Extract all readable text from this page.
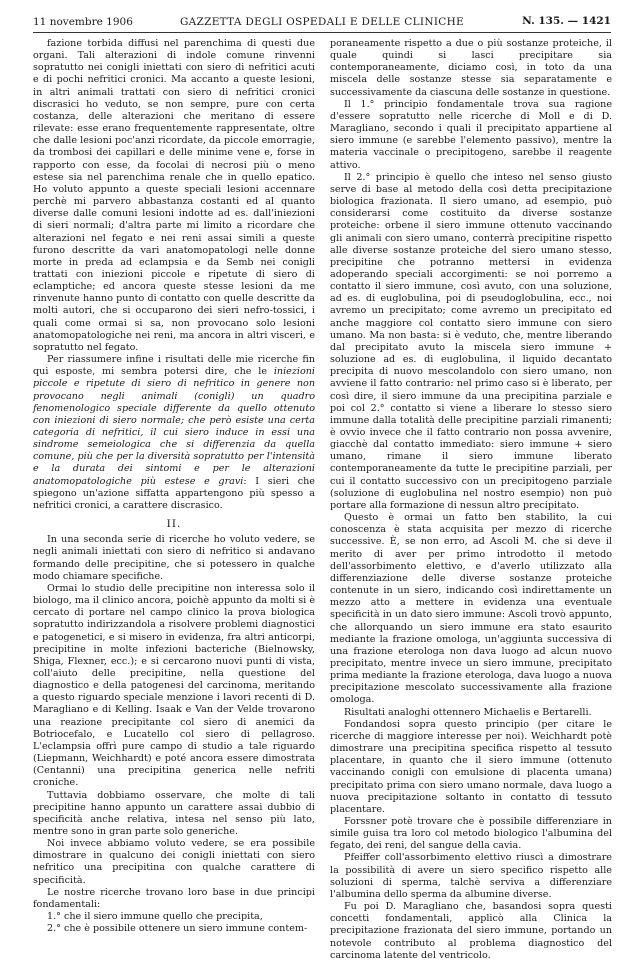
11 novembre 1906	GAZZETTA DEGLI OSPEDALI E DELLE CLINICHE	N. 135. — 1421

fazione torbida diffusi nel parenchima di questi due organi. Tali alterazioni di indole comune rinvenni sopratutto nei conigli iniettati con siero di nefritici acuti e di pochi nefritici cronici. Ma accanto a queste lesioni, in altri animali trattati con siero di nefritici cronici discrasici ho veduto, se non sempre, pure con certa costanza, delle alterazioni che meritano di essere rilevate: esse erano frequentemente rappresentate, oltre che dalle lesioni poc'anzi ricordate, da piccole emorragie, da trombosi dei capillari e delle minime vene e, forse in rapporto con esse, da focolai di necrosi più o meno estese sia nel parenchima renale che in quello epatico. Ho voluto appunto a queste speciali lesioni accennare perchè mi parvero abbastanza costanti ed al quanto diverse dalle comuni lesioni indotte ad es. dall'iniezioni di sieri normali; d'altra parte mi limito a ricordare che alterazioni nel fegato e nei reni assai simili a queste furono descritte da vari anatomopatologi nelle donne morte in preda ad eclampsia e da Semb nei conigli trattati con iniezioni piccole e ripetute di siero di eclamptiche; ed ancora queste stesse lesioni da me rinvenute hanno punto di contatto con quelle descritte da molti autori, che si occuparono dei sieri nefro-tossici, i quali come ormai si sa, non provocano solo lesioni anatomopatologiche nei reni, ma ancora in altri visceri, e sopratutto nel fegato.

Per riassumere infine i risultati delle mie ricerche fin qui esposte, mi sembra potersi dire, che le iniezioni piccole e ripetute di siero di nefritico in genere non provocano negli animali (conigli) un quadro fenomenologico speciale differente da quello ottenuto con iniezioni di siero normale; che però esiste una certa categoria di nefritici, il cui siero induce in essi una sindrome semeiologica che si differenzia da quella comune, più che per la diversità sopratutto per l'intensità e la durata dei sintomi e per le alterazioni anatomopatologiche più estese e gravi: I sieri che spiegono un'azione siffatta appartengono più spesso a nefritici cronici, a carattere discrasico.

II.

In una seconda serie di ricerche ho voluto vedere, se negli animali iniettati con siero di nefritico si andavano formando delle precipitine, che si potessero in qualche modo chiamare specifiche.

Ormai lo studio delle precipitine non interessa solo il biologo, ma il clinico ancora, poichè appunto da molti si è cercato di portare nel campo clinico la prova biologica sopratutto indirizzandola a risolvere problemi diagnostici e patogenetici, e si misero in evidenza, fra altri anticorpi, precipitine in molte infezioni bacteriche (Bielnowsky, Shiga, Flexner, ecc.); e si cercarono nuovi punti di vista, coll'aiuto delle precipitine, nella questione del diagnostico e della patogenesi del carcinoma, meritando a questo riguardo speciale menzione i lavori recenti di D. Maragliano e di Kelling. Isaak e Van der Velde trovarono una reazione precipitante col siero di anemici da Botriocefalo, e Lucatello col siero di pellagroso. L'eclampsia offrì pure campo di studio a tale riguardo (Liepmann, Weichhardt) e poté ancora essere dimostrata (Centanni) una precipitina generica nelle nefriti croniche.

Tuttavia dobbiamo osservare, che molte di tali precipitine hanno appunto un carattere assai dubbio di specificità anche relativa, intesa nel senso più lato, mentre sono in gran parte solo generiche.

Noi invece abbiamo voluto vedere, se era possibile dimostrare in qualcuno dei conigli iniettati con siero nefritico una precipitina con qualche carattere di specificità.

Le nostre ricerche trovano loro base in due principi fondamentali:

1.° che il siero immune quello che precipita,

2.° che è possibile ottenere un siero immune contem-

poraneamente rispetto a due o più sostanze proteiche, il quale quindi si lasci precipitare sia contemporaneamente, diciamo così, in toto da una miscela delle sostanze stesse sia separatamente e successivamente da ciascuna delle sostanze in questione.

Il 1.° principio fondamentale trova sua ragione d'essere sopratutto nelle ricerche di Moll e di D. Maragliano, secondo i quali il precipitato appartiene al siero immune (e sarebbe l'elemento passivo), mentre la materia vaccinale o precipitogeno, sarebbe il reagente attivo.

Il 2.° principio è quello che inteso nel senso giusto serve di base al metodo della così detta precipitazione biologica frazionata. Il siero umano, ad esempio, può considerarsi come costituito da diverse sostanze proteiche: orbene il siero immune ottenuto vaccinando gli animali con siero umano, conterrà precipitine rispetto alle diverse sostanze proteiche del siero umano stesso, precipitine che potranno mettersi in evidenza adoperando speciali accorgimenti: se noi porremo a contatto il siero immune, così avuto, con una soluzione, ad es. di euglobulina, poi di pseudoglobulina, ecc., noi avremo un precipitato; come avremo un precipitato ed anche maggiore col contatto siero immune con siero umano. Ma non basta: si è veduto, che, mentre liberando dal precipitato avuto la miscela siero immune + soluzione ad es. di euglobulina, il liquido decantato precipita di nuovo mescolandolo con siero umano, non avviene il fatto contrario: nel primo caso si è liberato, per così dire, il siero immune da una precipitina parziale e poi col 2.° contatto si viene a liberare lo stesso siero immune dalla totalità delle precipitine parziali rimanenti; è ovvio invece che il fatto contrario non possa avvenire, giacchè dal contatto immediato: siero immune + siero umano, rimane il siero immune liberato contemporaneamente da tutte le precipitine parziali, per cui il contatto successivo con un precipitogeno parziale (soluzione di euglobulina nel nostro esempio) non può portare alla formazione di nessun altro precipitato.

Questo è ormai un fatto ben stabilito, la cui conoscenza è stata acquisita per mezzo di ricerche successive. È, se non erro, ad Ascoli M. che si deve il merito di aver per primo introdotto il metodo dell'assorbimento elettivo, e d'averlo utilizzato alla differenziazione delle diverse sostanze proteiche contenute in un siero, indicando così indirettamente un mezzo atto a mettere in evidenza una eventuale specificità in un dato siero immune: Ascoli trovò appunto, che allorquando un siero immune era stato esaurito mediante la frazione omologa, un'aggiunta successiva di una frazione eterologa non dava luogo ad alcun nuovo precipitato, mentre invece un siero immune, precipitato prima mediante la frazione eterologa, dava luogo a nuova precipitazione mescolato successivamente alla frazione omologa.

Risultati analoghi ottennero Michaelis e Bertarelli.

Fondandosi sopra questo principio (per citare le ricerche di maggiore interesse per noi). Weichhardt potè dimostrare una precipitina specifica rispetto al tessuto placentare, in quanto che il siero immune (ottenuto vaccinando conigli con emulsione di placenta umana) precipitato prima con siero umano normale, dava luogo a nuova precipitazione soltanto in contatto di tessuto placentare.

Forssner potè trovare che è possibile differenziare in simile guisa tra loro col metodo biologico l'albumina del fegato, dei reni, del sangue della cavia.

Pfeiffer coll'assorbimento elettivo riuscì a dimostrare la possibilità di avere un siero specifico rispetto alle soluzioni di sperma, talchè serviva a differenziare l'albumina dello sperma da albumine diverse.

Fu poi D. Maragliano che, basandosi sopra questi concetti fondamentali, applicò alla Clinica la precipitazione frazionata del siero immune, portando un notevole contributo al problema diagnostico del carcinoma latente del ventricolo.
